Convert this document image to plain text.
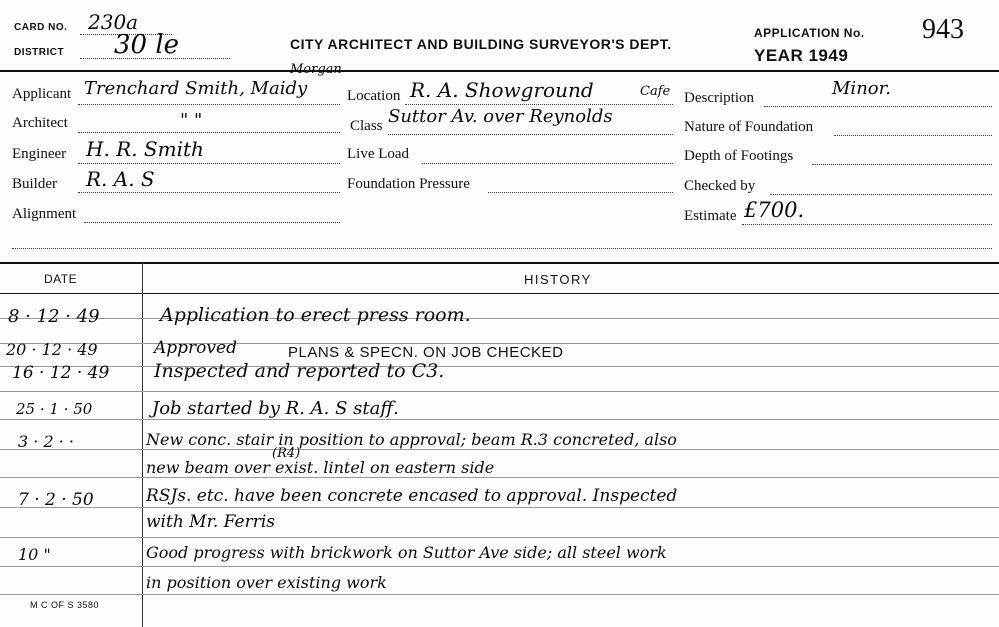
CARD NO. 230a
DISTRICT 30 le	CITY ARCHITECT AND BUILDING SURVEYOR'S DEPT.
APPLICATION No. 943
YEAR 1949
Applicant Trenchard Smith, Maidy
Morgan
Architect	" "
Engineer H. R. Smith
Builder R. A. S
Alignment
Location R. A. Showground
Class Suttor Av. over Reynolds
Cafe
Live Load
Foundation Pressure
Description	Minor.
Nature of Foundation
Depth of Footings
Checked by
Estimate £700.
DATE	HISTORY
8 · 12 · 49	Application to erect press room.
20 · 12 · 49	Approved	PLANS & SPECN. ON JOB CHECKED
16 · 12 · 49 Inspected and reported to C3.
25 · 1 · 50	Job started by R. A. S staff.
3 · 2 · ·	New conc. stair in position to approval; beam R.3 concreted, also
new beam over exist. lintel on eastern side
(R4)
7 · 2 · 50	RSJs. etc. have been concrete encased to approval. Inspected
with Mr. Ferris
10 "	Good progress with brickwork on Suttor Ave side; all steel work
in position over existing work
M C OF S 3580
